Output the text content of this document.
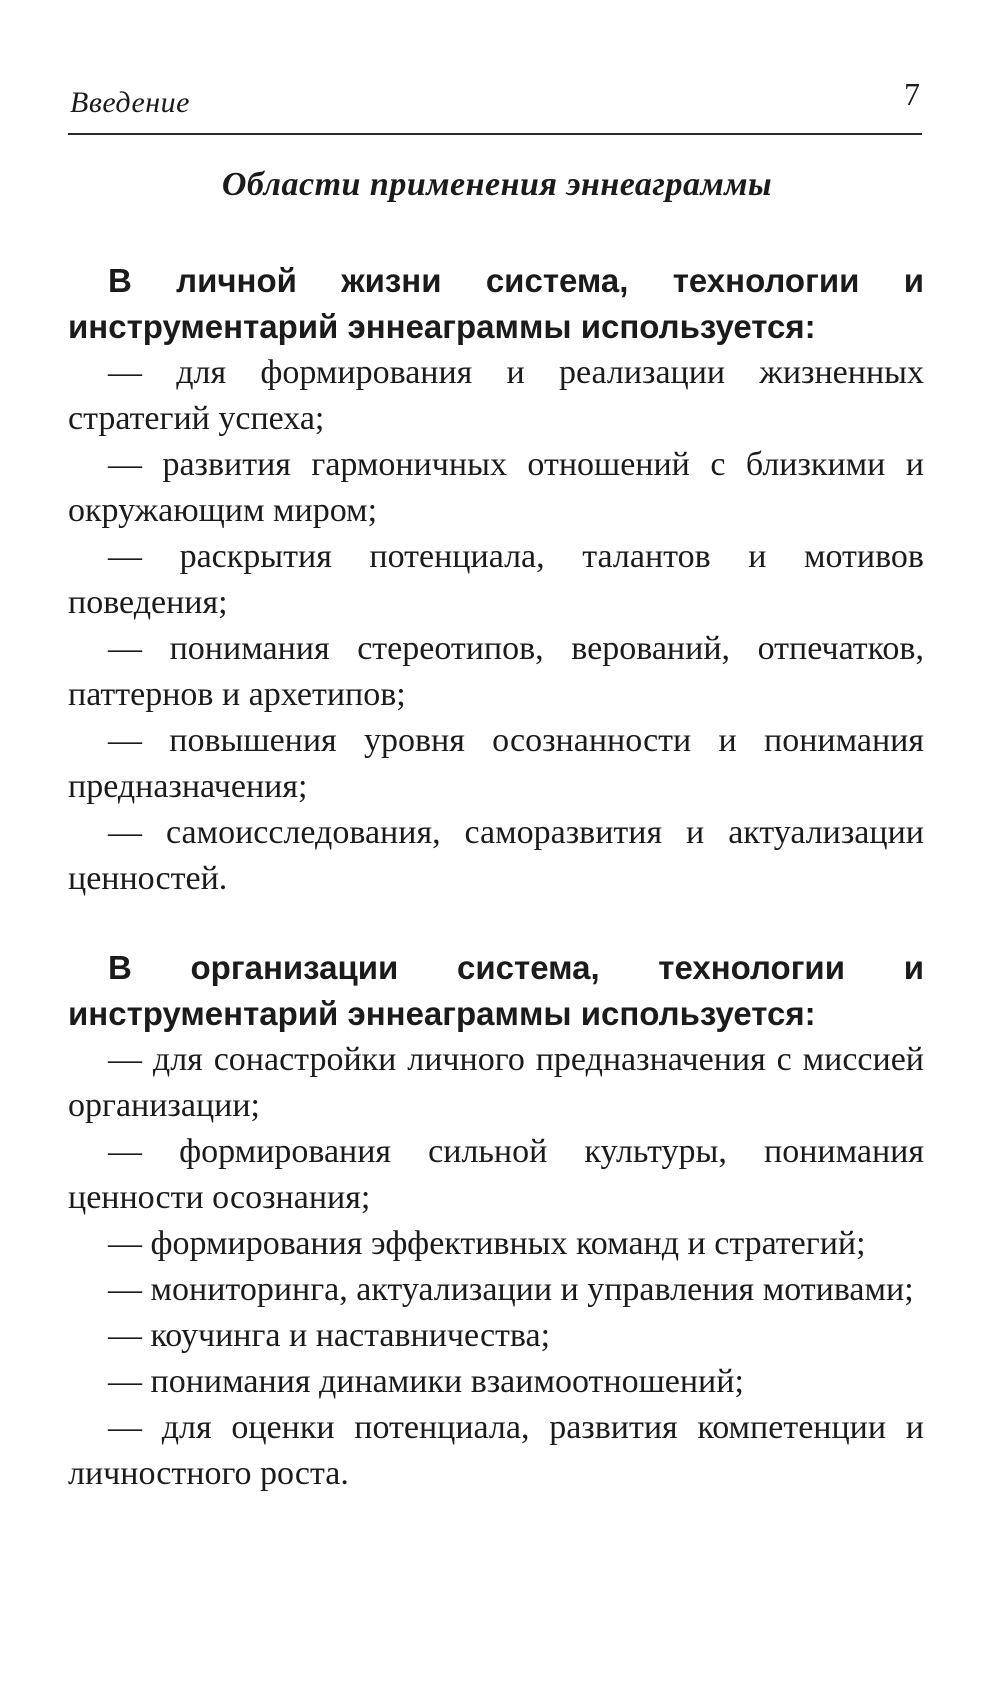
Введение	7
Области применения эннеаграммы

В личной жизни система, технологии и инструментарий эннеаграммы используется:

— для формирования и реализации жизненных стратегий успеха;

— развития гармоничных отношений с близкими и окружающим миром;

— раскрытия потенциала, талантов и мотивов поведения;

— понимания стереотипов, верований, отпечатков, паттернов и архетипов;

— повышения уровня осознанности и понимания предназначения;

— самоисследования, саморазвития и актуализации ценностей.

В организации система, технологии и инструментарий эннеаграммы используется:

— для сонастройки личного предназначения с миссией организации;

— формирования сильной культуры, понимания ценности осознания;

— формирования эффективных команд и стратегий;

— мониторинга, актуализации и управления мотивами;

— коучинга и наставничества;

— понимания динамики взаимоотношений;

— для оценки потенциала, развития компетенции и личностного роста.
